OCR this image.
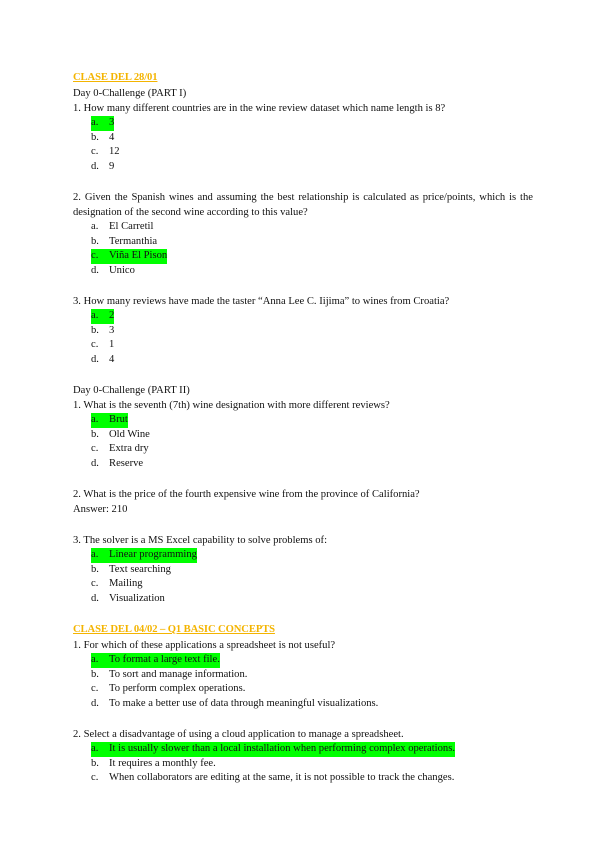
CLASE DEL 28/01
Day 0-Challenge (PART I)
1. How many different countries are in the wine review dataset which name length is 8?
a.	3
b. 4
c.	12
d. 9
2. Given the Spanish wines and assuming the best relationship is calculated as price/points, which is the designation of the second wine according to this value?
a.	El Carretil
b. Termanthia
c.	Viña El Pison
d. Unico
3. How many reviews have made the taster “Anna Lee C. Iijima” to wines from Croatia?
a.	2
b. 3
c.	1
d. 4
Day 0-Challenge (PART II)
1. What is the seventh (7th) wine designation with more different reviews?
a.	Brut
b. Old Wine
c.	Extra dry
d. Reserve
2. What is the price of the fourth expensive wine from the province of California?
Answer: 210
3. The solver is a MS Excel capability to solve problems of:
a.	Linear programming
b. Text searching
c.	Mailing
d. Visualization
CLASE DEL 04/02 – Q1 BASIC CONCEPTS
1. For which of these applications a spreadsheet is not useful?
a.	To format a large text file.
b. To sort and manage information.
c.	To perform complex operations.
d. To make a better use of data through meaningful visualizations.
2. Select a disadvantage of using a cloud application to manage a spreadsheet.
a.	It is usually slower than a local installation when performing complex operations.
b. It requires a monthly fee.
c.	When collaborators are editing at the same, it is not possible to track the changes.
